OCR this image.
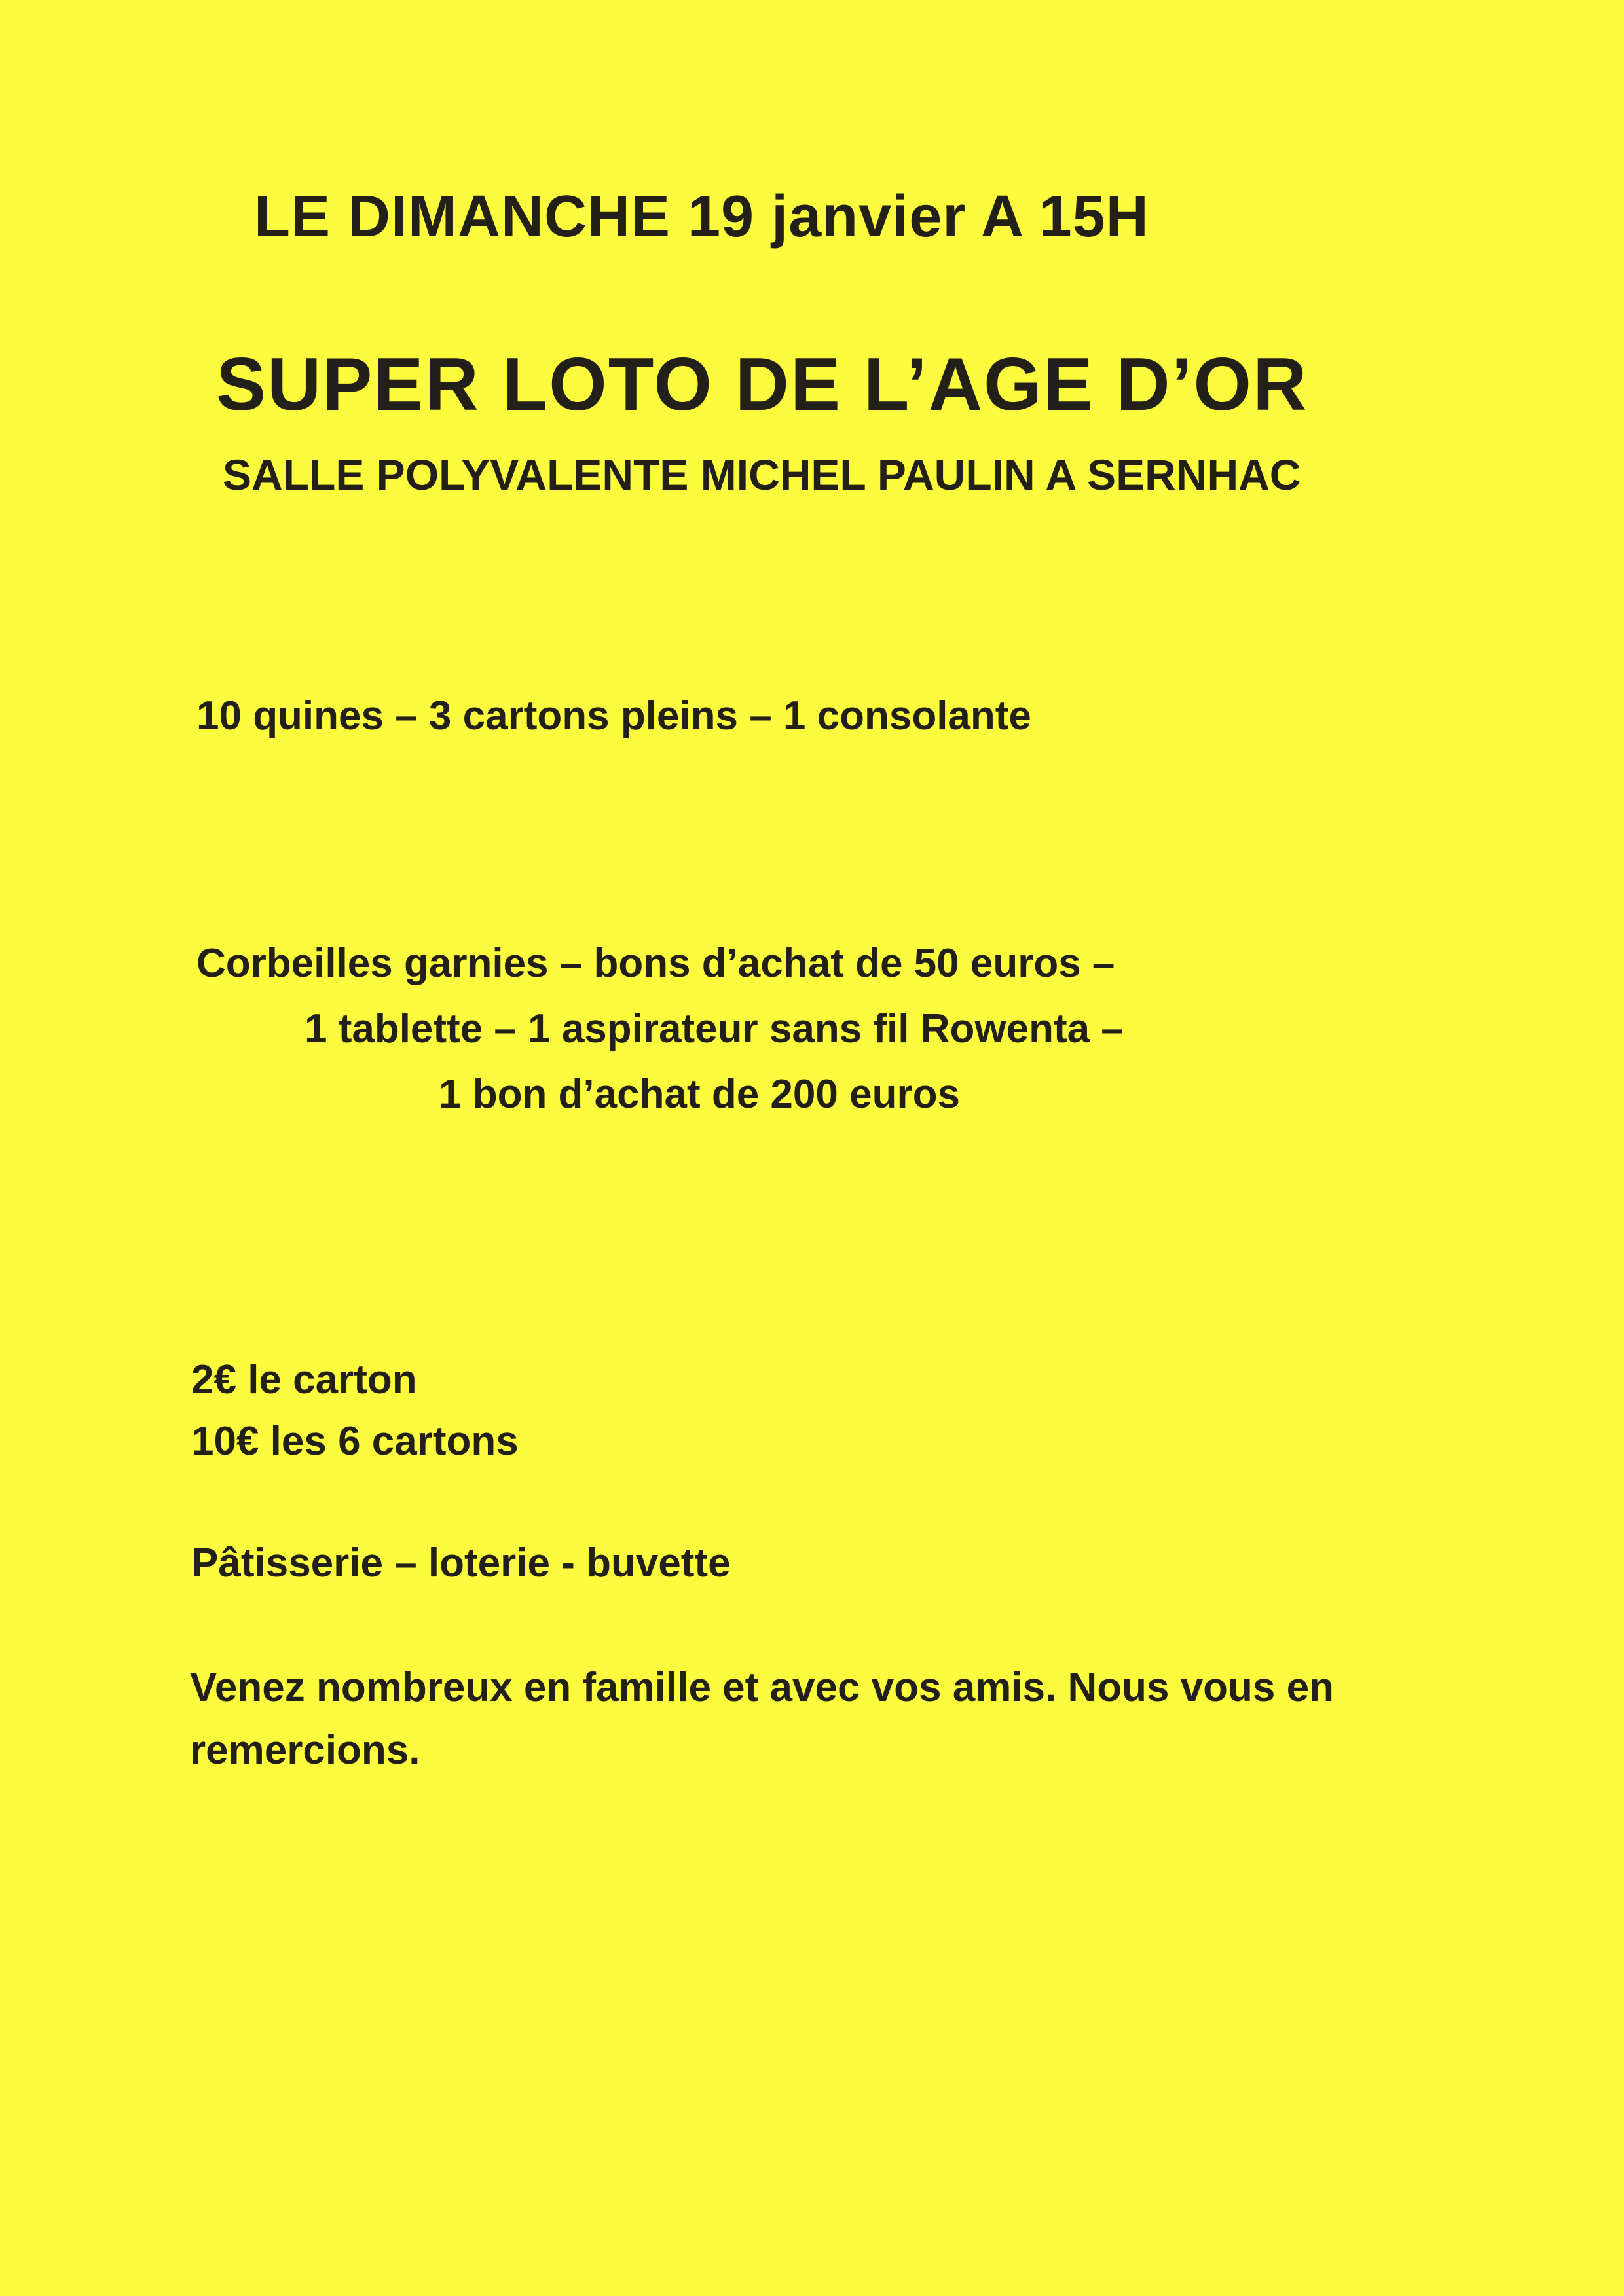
LE DIMANCHE 19 janvier A 15H

SUPER LOTO DE L’AGE D’OR

SALLE POLYVALENTE MICHEL PAULIN A SERNHAC

10 quines – 3 cartons pleins – 1 consolante

Corbeilles garnies – bons d’achat de 50 euros –
1 tablette – 1 aspirateur sans fil Rowenta –
1 bon d’achat de 200 euros

2€ le carton

10€ les 6 cartons

Pâtisserie – loterie - buvette

Venez nombreux en famille et avec vos amis. Nous vous en
remercions.
